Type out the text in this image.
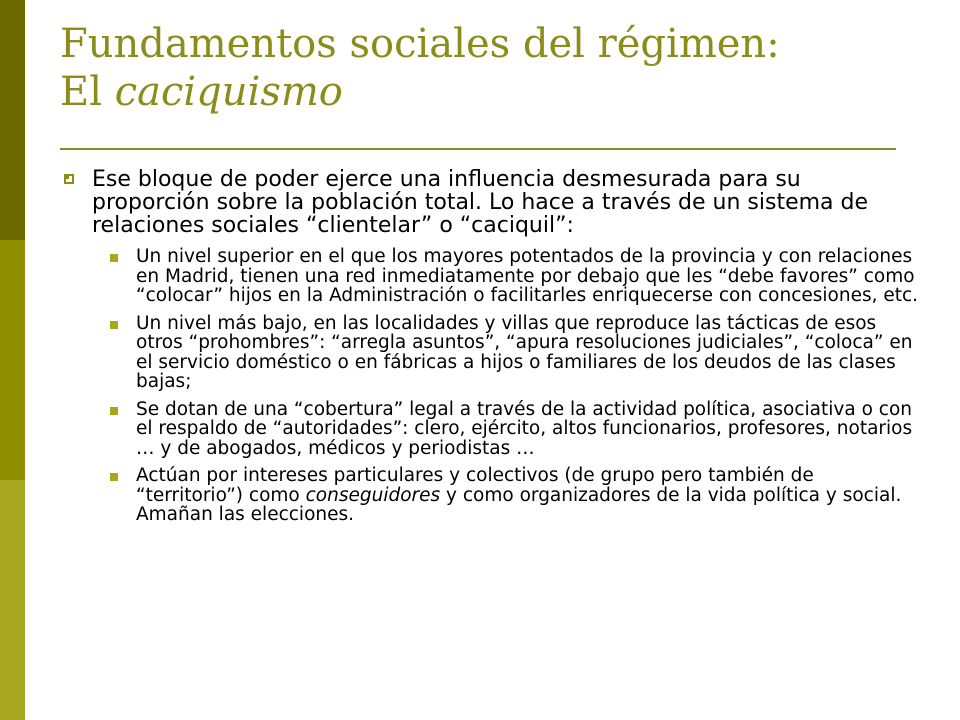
Fundamentos sociales del régimen:
El caciquismo
Ese bloque de poder ejerce una influencia desmesurada para su proporción sobre la población total. Lo hace a través de un sistema de relaciones sociales “clientelar” o “caciquil”:
Un nivel superior en el que los mayores potentados de la provincia y con relaciones en Madrid, tienen una red inmediatamente por debajo que les “debe favores” como “colocar” hijos en la Administración o facilitarles enriquecerse con concesiones, etc.
Un nivel más bajo, en las localidades y villas que reproduce las tácticas de esos otros “prohombres”: “arregla asuntos”, “apura resoluciones judiciales”, “coloca” en el servicio doméstico o en fábricas a hijos o familiares de los deudos de las clases bajas;
Se dotan de una “cobertura” legal a través de la actividad política, asociativa o con el respaldo de “autoridades”: clero, ejército, altos funcionarios, profesores, notarios … y de abogados, médicos y periodistas …
Actúan por intereses particulares y colectivos (de grupo pero también de “territorio”) como conseguidores y como organizadores de la vida política y social. Amañan las elecciones.
